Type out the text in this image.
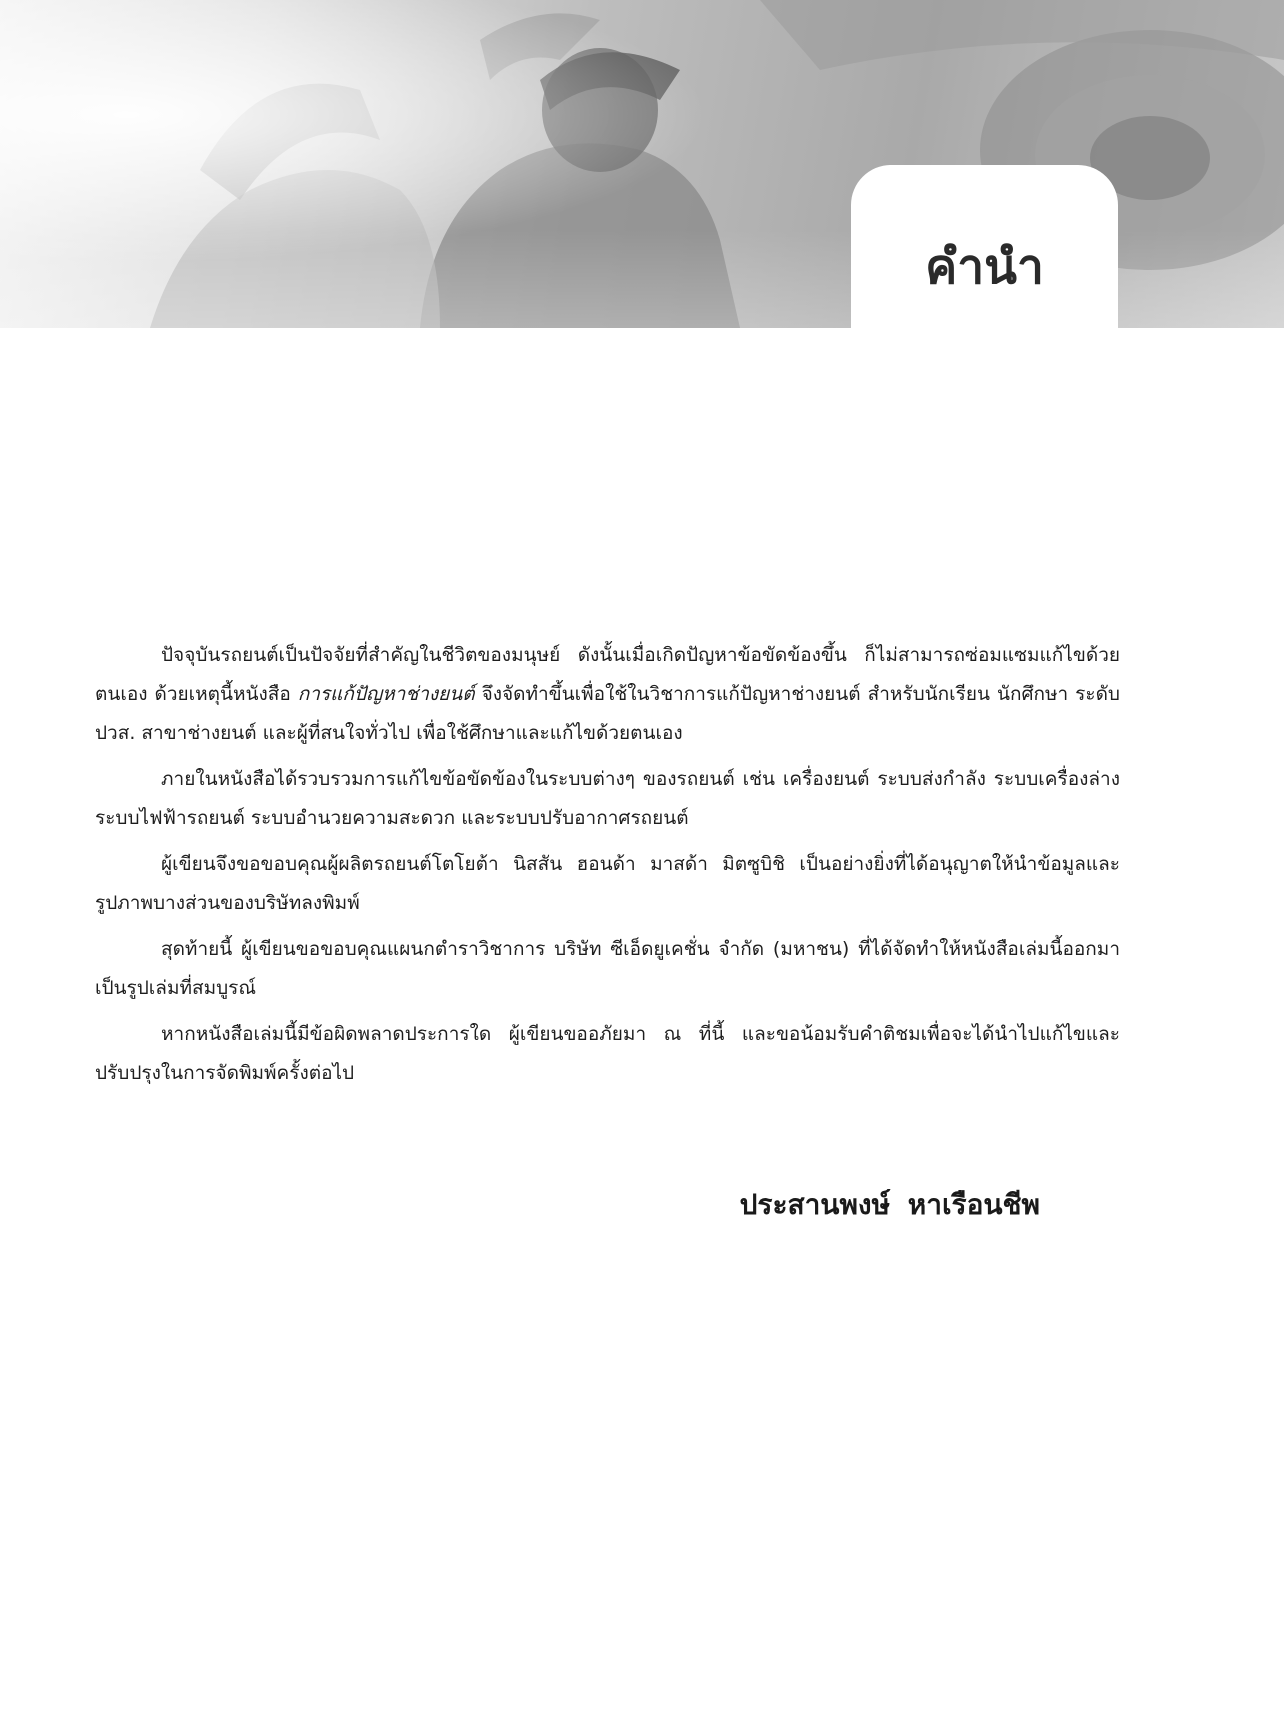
คำนำ

ปัจจุบันรถยนต์เป็นปัจจัยที่สำคัญในชีวิตของมนุษย์ ดังนั้นเมื่อเกิดปัญหาข้อขัดข้องขึ้น ก็ไม่สามารถซ่อมแซมแก้ไขด้วยตนเอง ด้วยเหตุนี้หนังสือ การแก้ปัญหาช่างยนต์ จึงจัดทำขึ้นเพื่อใช้ในวิชาการแก้ปัญหาช่างยนต์ สำหรับนักเรียน นักศึกษา ระดับ ปวส. สาขาช่างยนต์ และผู้ที่สนใจทั่วไป เพื่อใช้ศึกษาและแก้ไขด้วยตนเอง

ภายในหนังสือได้รวบรวมการแก้ไขข้อขัดข้องในระบบต่างๆ ของรถยนต์ เช่น เครื่องยนต์ ระบบส่งกำลัง ระบบเครื่องล่าง ระบบไฟฟ้ารถยนต์ ระบบอำนวยความสะดวก และระบบปรับอากาศรถยนต์

ผู้เขียนจึงขอขอบคุณผู้ผลิตรถยนต์โตโยต้า นิสสัน ฮอนด้า มาสด้า มิตซูบิชิ เป็นอย่างยิ่งที่ได้อนุญาตให้นำข้อมูลและรูปภาพบางส่วนของบริษัทลงพิมพ์

สุดท้ายนี้ ผู้เขียนขอขอบคุณแผนกตำราวิชาการ บริษัท ซีเอ็ดยูเคชั่น จำกัด (มหาชน) ที่ได้จัดทำให้หนังสือเล่มนี้ออกมาเป็นรูปเล่มที่สมบูรณ์

หากหนังสือเล่มนี้มีข้อผิดพลาดประการใด ผู้เขียนขออภัยมา ณ ที่นี้ และขอน้อมรับคำติชมเพื่อจะได้นำไปแก้ไขและปรับปรุงในการจัดพิมพ์ครั้งต่อไป

ประสานพงษ์ หาเรือนชีพ
